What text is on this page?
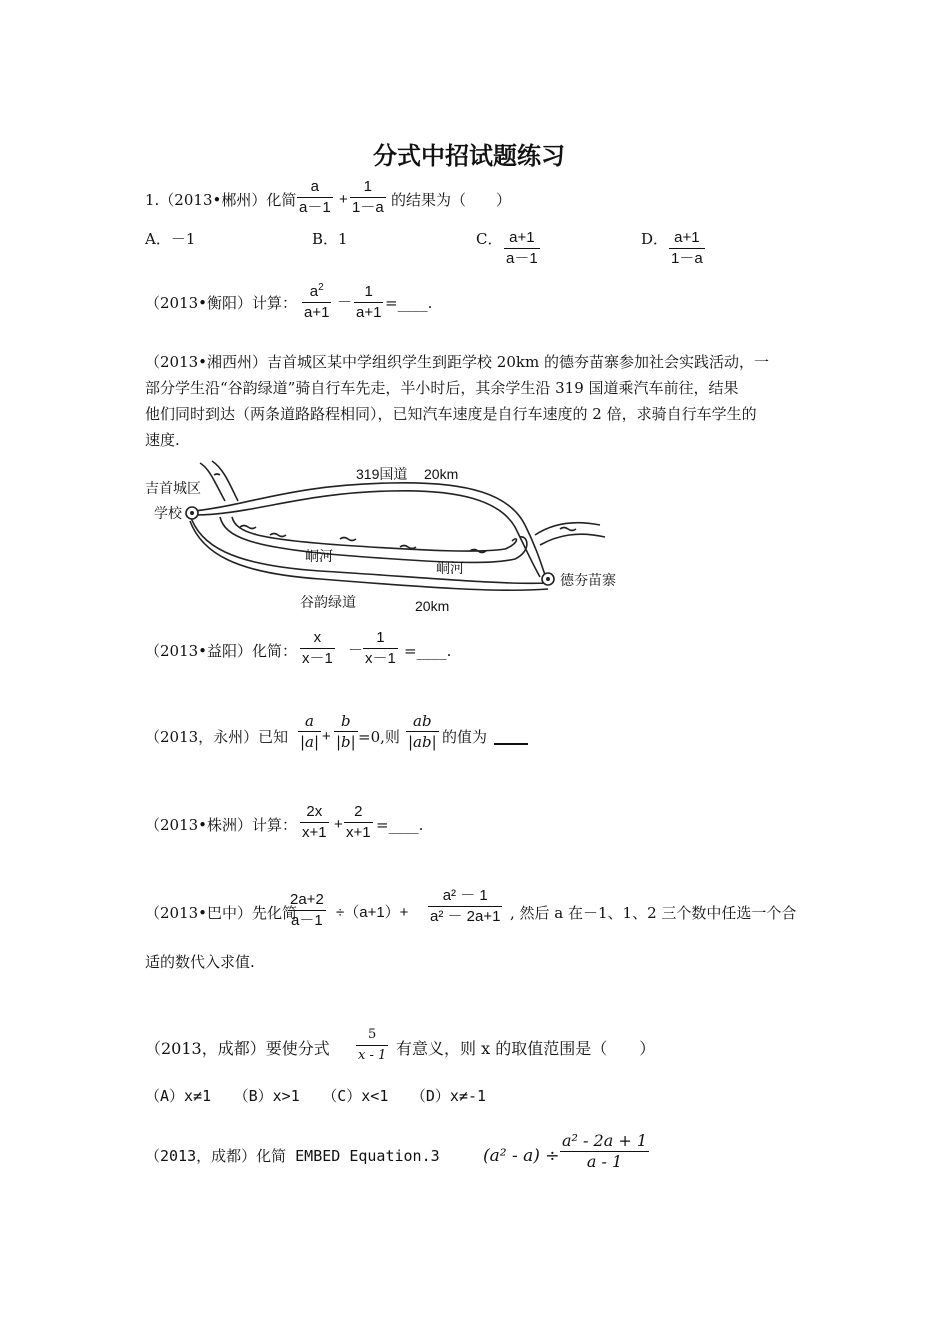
分式中招试题练习
1.（2013•郴州）化简
a
a－1 +
1
1－a 的结果为（　　）
A．－1	B．1	C． a+1
a－1
D． a+1
1－a
（2013•衡阳）计算：
$a^2$
a+1
－
1
a+1
=____.
（2013•湘西州）吉首城区某中学组织学生到距学校 20km 的德夯苗寨参加社会实践活动，一
部分学生沿“谷韵绿道”骑自行车先走，半小时后，其余学生沿 319 国道乘汽车前往，结果
他们同时到达（两条道路路程相同），已知汽车速度是自行车速度的 2 倍，求骑自行车学生的
速度.
吉首城区
学校
319国道 20km
峒河
峒河
德夯苗寨
谷韵绿道	20km
（2013•益阳）化简：
x
x－1 －
1
x－1 =____.
（2013，永州）已知
a
|a| +
b
|b| =0,则
ab
|ab| 的值为
（2013•株洲）计算：
2x
x+1 +
2
x+1 =____.
（2013•巴中）先化简
2a+2
a－1 ÷（a+1）+
a² － 1
a² － 2a+1 , 然后 a 在－1、1、2 三个数中任选一个合
适的数代入求值.
（2013，成都）要使分式
5
x - 1 有意义，则 x 的取值范围是（　　）
（A）x≠1　　（B）x>1　　（C）x<1　　（D）x≠-1
（2013，成都）化简 EMBED Equation.3	(a² - a) ÷
a² - 2a + 1
a - 1
